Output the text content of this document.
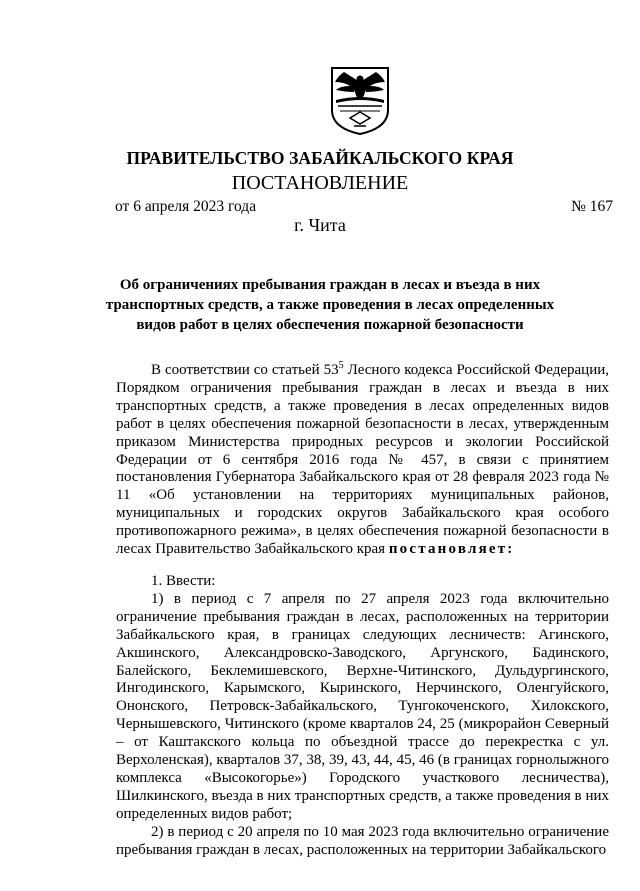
ПРАВИТЕЛЬСТВО ЗАБАЙКАЛЬСКОГО КРАЯ
ПОСТАНОВЛЕНИЕ
от 6 апреля 2023 года	№ 167
г. Чита
Об ограничениях пребывания граждан в лесах и въезда в них транспортных средств, а также проведения в лесах определенных видов работ в целях обеспечения пожарной безопасности

В соответствии со статьей $53^5$ Лесного кодекса Российской Федерации, Порядком ограничения пребывания граждан в лесах и въезда в них транспортных средств, а также проведения в лесах определенных видов работ в целях обеспечения пожарной безопасности в лесах, утвержденным приказом Министерства природных ресурсов и экологии Российской Федерации от 6 сентября 2016 года № 457, в связи с принятием постановления Губернатора Забайкальского края от 28 февраля 2023 года № 11 «Об установлении на территориях муниципальных районов, муниципальных и городских округов Забайкальского края особого противопожарного режима», в целях обеспечения пожарной безопасности в лесах Правительство Забайкальского края постановляет:

1. Ввести:

1) в период с 7 апреля по 27 апреля 2023 года включительно ограничение пребывания граждан в лесах, расположенных на территории Забайкальского края, в границах следующих лесничеств: Агинского, Акшинского, Александровско-Заводского, Аргунского, Бадинского, Балейского, Беклемишевского, Верхне-Читинского, Дульдургинского, Ингодинского, Карымского, Кыринского, Нерчинского, Оленгуйского, Ононского, Петровск-Забайкальского, Тунгокоченского, Хилокского, Чернышевского, Читинского (кроме кварталов 24, 25 (микрорайон Северный – от Каштакского кольца по объездной трассе до перекрестка с ул. Верхоленская), кварталов 37, 38, 39, 43, 44, 45, 46 (в границах горнолыжного комплекса «Высокогорье») Городского участкового лесничества), Шилкинского, въезда в них транспортных средств, а также проведения в них определенных видов работ;

2) в период с 20 апреля по 10 мая 2023 года включительно ограничение пребывания граждан в лесах, расположенных на территории Забайкальского
